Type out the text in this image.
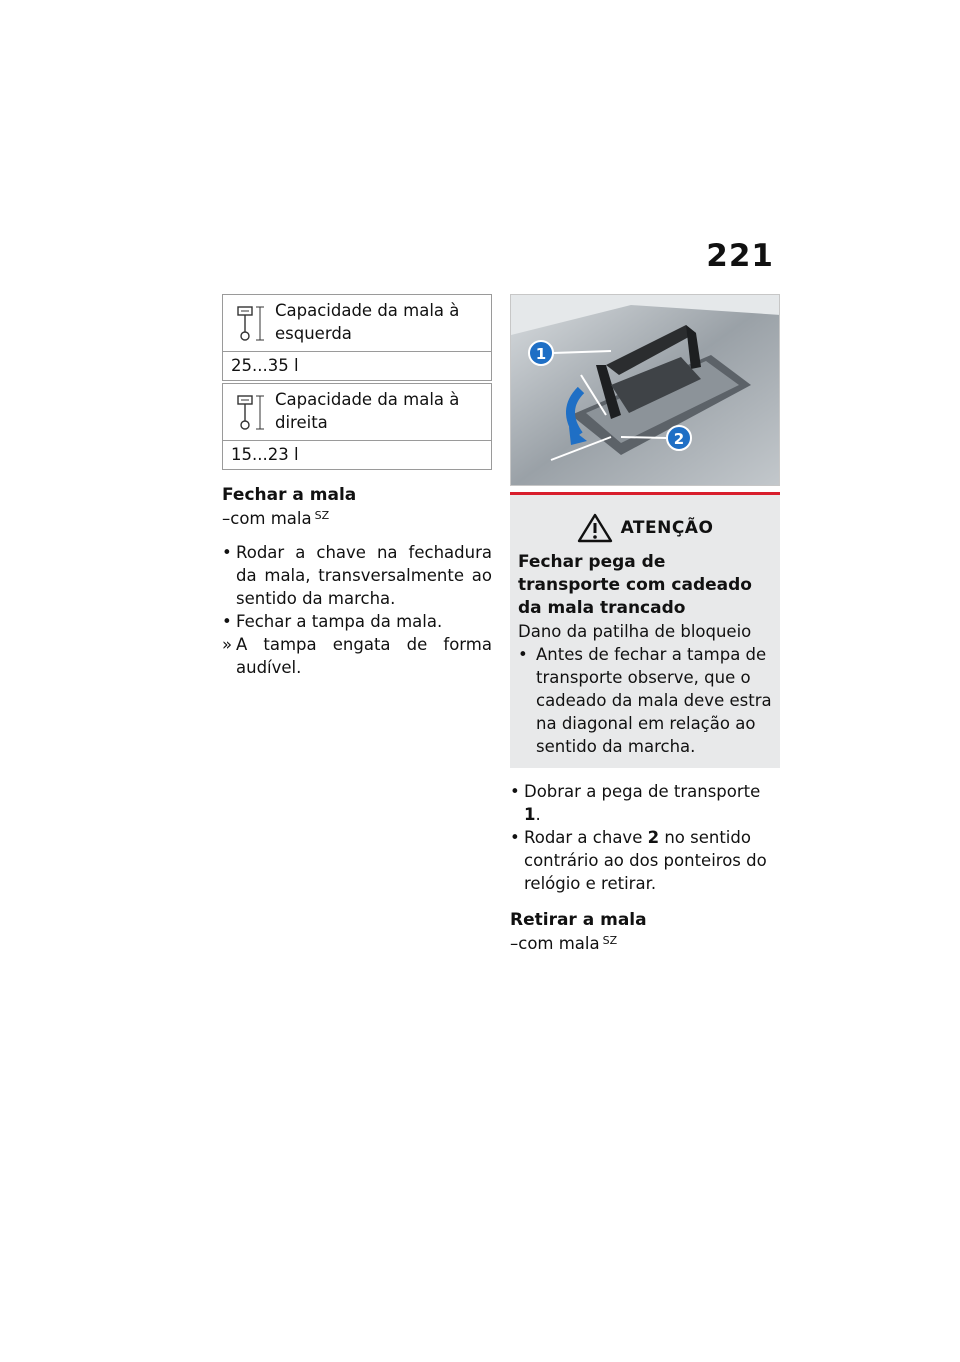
221
Capacidade da mala à esquerda

25...35 l

Capacidade da mala à direita

15...23 l
Fechar a mala
–com mala $^{SZ}$
• Rodar a chave na fechadura da mala, transversalmente ao sentido da marcha.
• Fechar a tampa da mala.
» A tampa engata de forma audível.
1
2
ATENÇÃO
Fechar pega de transporte com cadeado da mala trancado
Dano da patilha de bloqueio
• Antes de fechar a tampa de transporte observe, que o cadeado da mala deve estra na diagonal em relação ao sentido da marcha.
• Dobrar a pega de transporte 1.
• Rodar a chave 2 no sentido contrário ao dos ponteiros do relógio e retirar.
Retirar a mala
–com mala $^{SZ}$
